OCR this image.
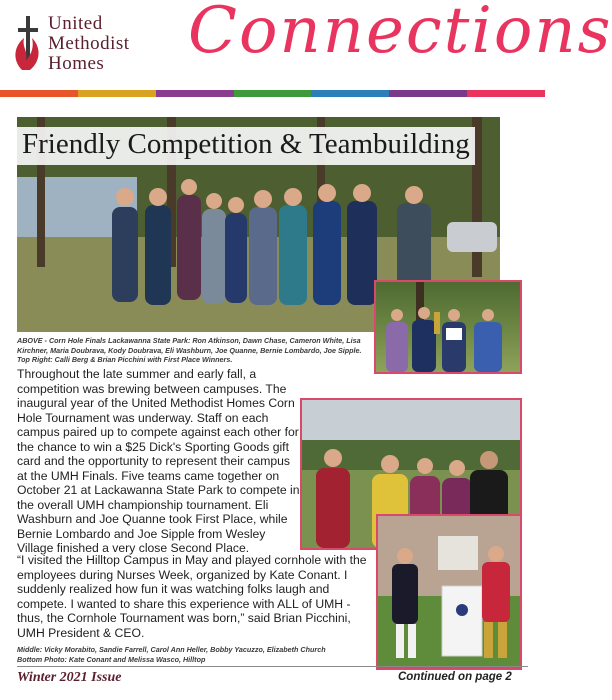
United
Methodist
Homes	Connections
Friendly Competition & Teambuilding
ABOVE - Corn Hole Finals Lackawanna State Park: Ron Atkinson, Dawn Chase, Cameron White, Lisa Kirchner, Maria Doubrava, Kody Doubrava, Eli Washburn, Joe Quanne, Bernie Lombardo, Joe Sipple. Top Right: Calli Berg & Brian Picchini with First Place Winners.
Throughout the late summer and early fall, a competition was brewing between campuses. The inaugural year of the United Methodist Homes Corn Hole Tournament was underway. Staff on each campus paired up to compete against each other for the chance to win a $25 Dick's Sporting Goods gift card and the opportunity to represent their campus at the UMH Finals. Five teams came together on October 21 at Lackawanna State Park to compete in the overall UMH championship tournament. Eli Washburn and Joe Quanne took First Place, while Bernie Lombardo and Joe Sipple from Wesley Village finished a very close Second Place.
“I visited the Hilltop Campus in May and played cornhole with the employees during Nurses Week, organized by Kate Conant. I suddenly realized how fun it was watching folks laugh and compete. I wanted to share this experience with ALL of UMH - thus, the Cornhole Tournament was born,” said Brian Picchini, UMH President & CEO.
Middle: Vicky Morabito, Sandie Farrell, Carol Ann Heller, Bobby Yacuzzo, Elizabeth Church
Bottom Photo: Kate Conant and Melissa Wasco, Hilltop
Winter 2021 Issue	Continued on page 2
